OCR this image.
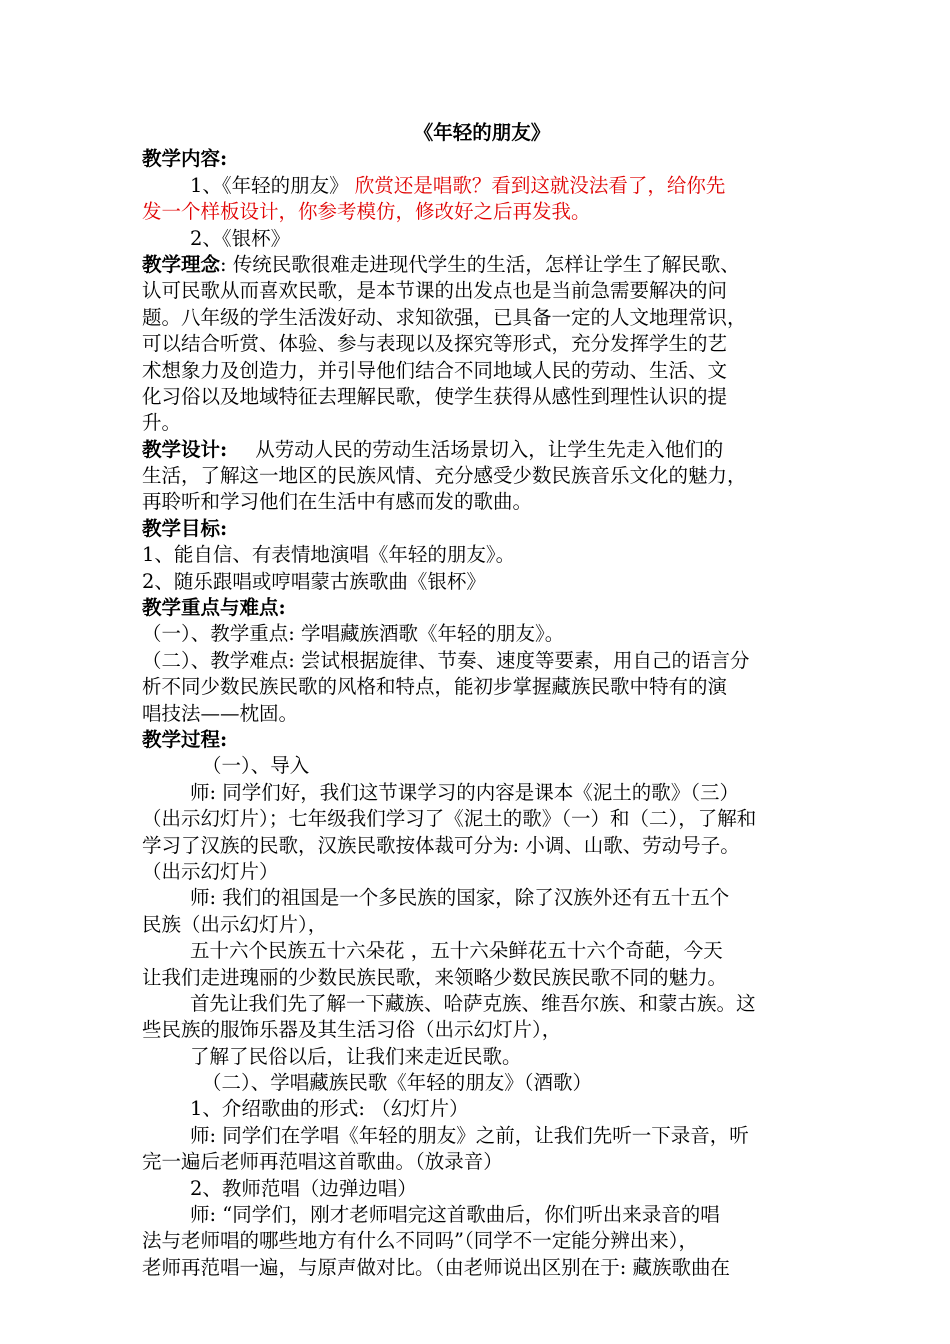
《年轻的朋友》
教学内容:
1、《年轻的朋友》 欣赏还是唱歌？看到这就没法看了，给你先
发一个样板设计，你参考模仿，修改好之后再发我。
2、《银杯》
教学理念: 传统民歌很难走进现代学生的生活，怎样让学生了解民歌、
认可民歌从而喜欢民歌，是本节课的出发点也是当前急需要解决的问
题。八年级的学生活泼好动、求知欲强，已具备一定的人文地理常识，
可以结合听赏、体验、参与表现以及探究等形式，充分发挥学生的艺
术想象力及创造力，并引导他们结合不同地域人民的劳动、生活、文
化习俗以及地域特征去理解民歌，使学生获得从感性到理性认识的提
升。
教学设计: 从劳动人民的劳动生活场景切入，让学生先走入他们的
生活，了解这一地区的民族风情、充分感受少数民族音乐文化的魅力，
再聆听和学习他们在生活中有感而发的歌曲。
教学目标:
1、能自信、有表情地演唱《年轻的朋友》。
2、随乐跟唱或哼唱蒙古族歌曲《银杯》
教学重点与难点:
（一）、教学重点: 学唱藏族酒歌《年轻的朋友》。
（二）、教学难点: 尝试根据旋律、节奏、速度等要素，用自己的语言分
析不同少数民族民歌的风格和特点，能初步掌握藏族民歌中特有的演
唱技法——枕固。
教学过程:
（一）、导入
师: 同学们好，我们这节课学习的内容是课本《泥土的歌》（三）
（出示幻灯片）；七年级我们学习了《泥土的歌》（一）和（二），了解和
学习了汉族的民歌，汉族民歌按体裁可分为: 小调、山歌、劳动号子。
（出示幻灯片）
师: 我们的祖国是一个多民族的国家，除了汉族外还有五十五个
民族（出示幻灯片），
五十六个民族五十六朵花 ，五十六朵鲜花五十六个奇葩，今天
让我们走进瑰丽的少数民族民歌，来领略少数民族民歌不同的魅力。
首先让我们先了解一下藏族、哈萨克族、维吾尔族、和蒙古族。这
些民族的服饰乐器及其生活习俗（出示幻灯片），
了解了民俗以后，让我们来走近民歌。
（二）、学唱藏族民歌《年轻的朋友》（酒歌）
1、介绍歌曲的形式: （幻灯片）
师: 同学们在学唱《年轻的朋友》之前，让我们先听一下录音，听
完一遍后老师再范唱这首歌曲。（放录音）
2、教师范唱（边弹边唱）
师: “同学们，刚才老师唱完这首歌曲后，你们听出来录音的唱
法与老师唱的哪些地方有什么不同吗”（同学不一定能分辨出来），
老师再范唱一遍，与原声做对比。（由老师说出区别在于: 藏族歌曲在
